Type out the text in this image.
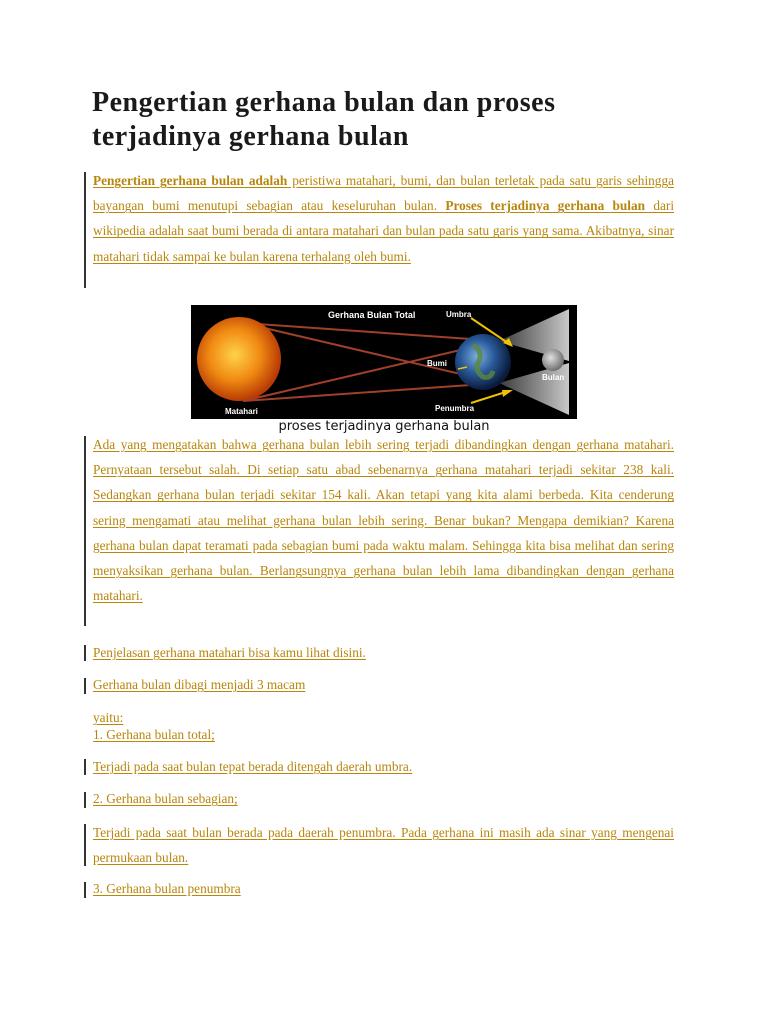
Pengertian gerhana bulan dan proses
terjadinya gerhana bulan

Pengertian gerhana bulan adalah peristiwa matahari, bumi, dan bulan terletak pada satu garis sehingga bayangan bumi menutupi sebagian atau keseluruhan bulan. Proses terjadinya gerhana bulan dari wikipedia adalah saat bumi berada di antara matahari dan bulan pada satu garis yang sama. Akibatnya, sinar matahari tidak sampai ke bulan karena terhalang oleh bumi.

Gerhana Bulan Total	Umbra
Bumi
Bulan
Matahari	Penumbra

proses terjadinya gerhana bulan

Ada yang mengatakan bahwa gerhana bulan lebih sering terjadi dibandingkan dengan gerhana matahari. Pernyataan tersebut salah. Di setiap satu abad sebenarnya gerhana matahari terjadi sekitar 238 kali. Sedangkan gerhana bulan terjadi sekitar 154 kali. Akan tetapi yang kita alami berbeda. Kita cenderung sering mengamati atau melihat gerhana bulan lebih sering. Benar bukan? Mengapa demikian? Karena gerhana bulan dapat teramati pada sebagian bumi pada waktu malam. Sehingga kita bisa melihat dan sering menyaksikan gerhana bulan. Berlangsungnya gerhana bulan lebih lama dibandingkan dengan gerhana matahari.

Penjelasan gerhana matahari bisa kamu lihat disini.

Gerhana bulan dibagi menjadi 3 macam

yaitu:

1. Gerhana bulan total;

Terjadi pada saat bulan tepat berada ditengah daerah umbra.

2. Gerhana bulan sebagian;

Terjadi pada saat bulan berada pada daerah penumbra. Pada gerhana ini masih ada sinar yang mengenai permukaan bulan.

3. Gerhana bulan penumbra
